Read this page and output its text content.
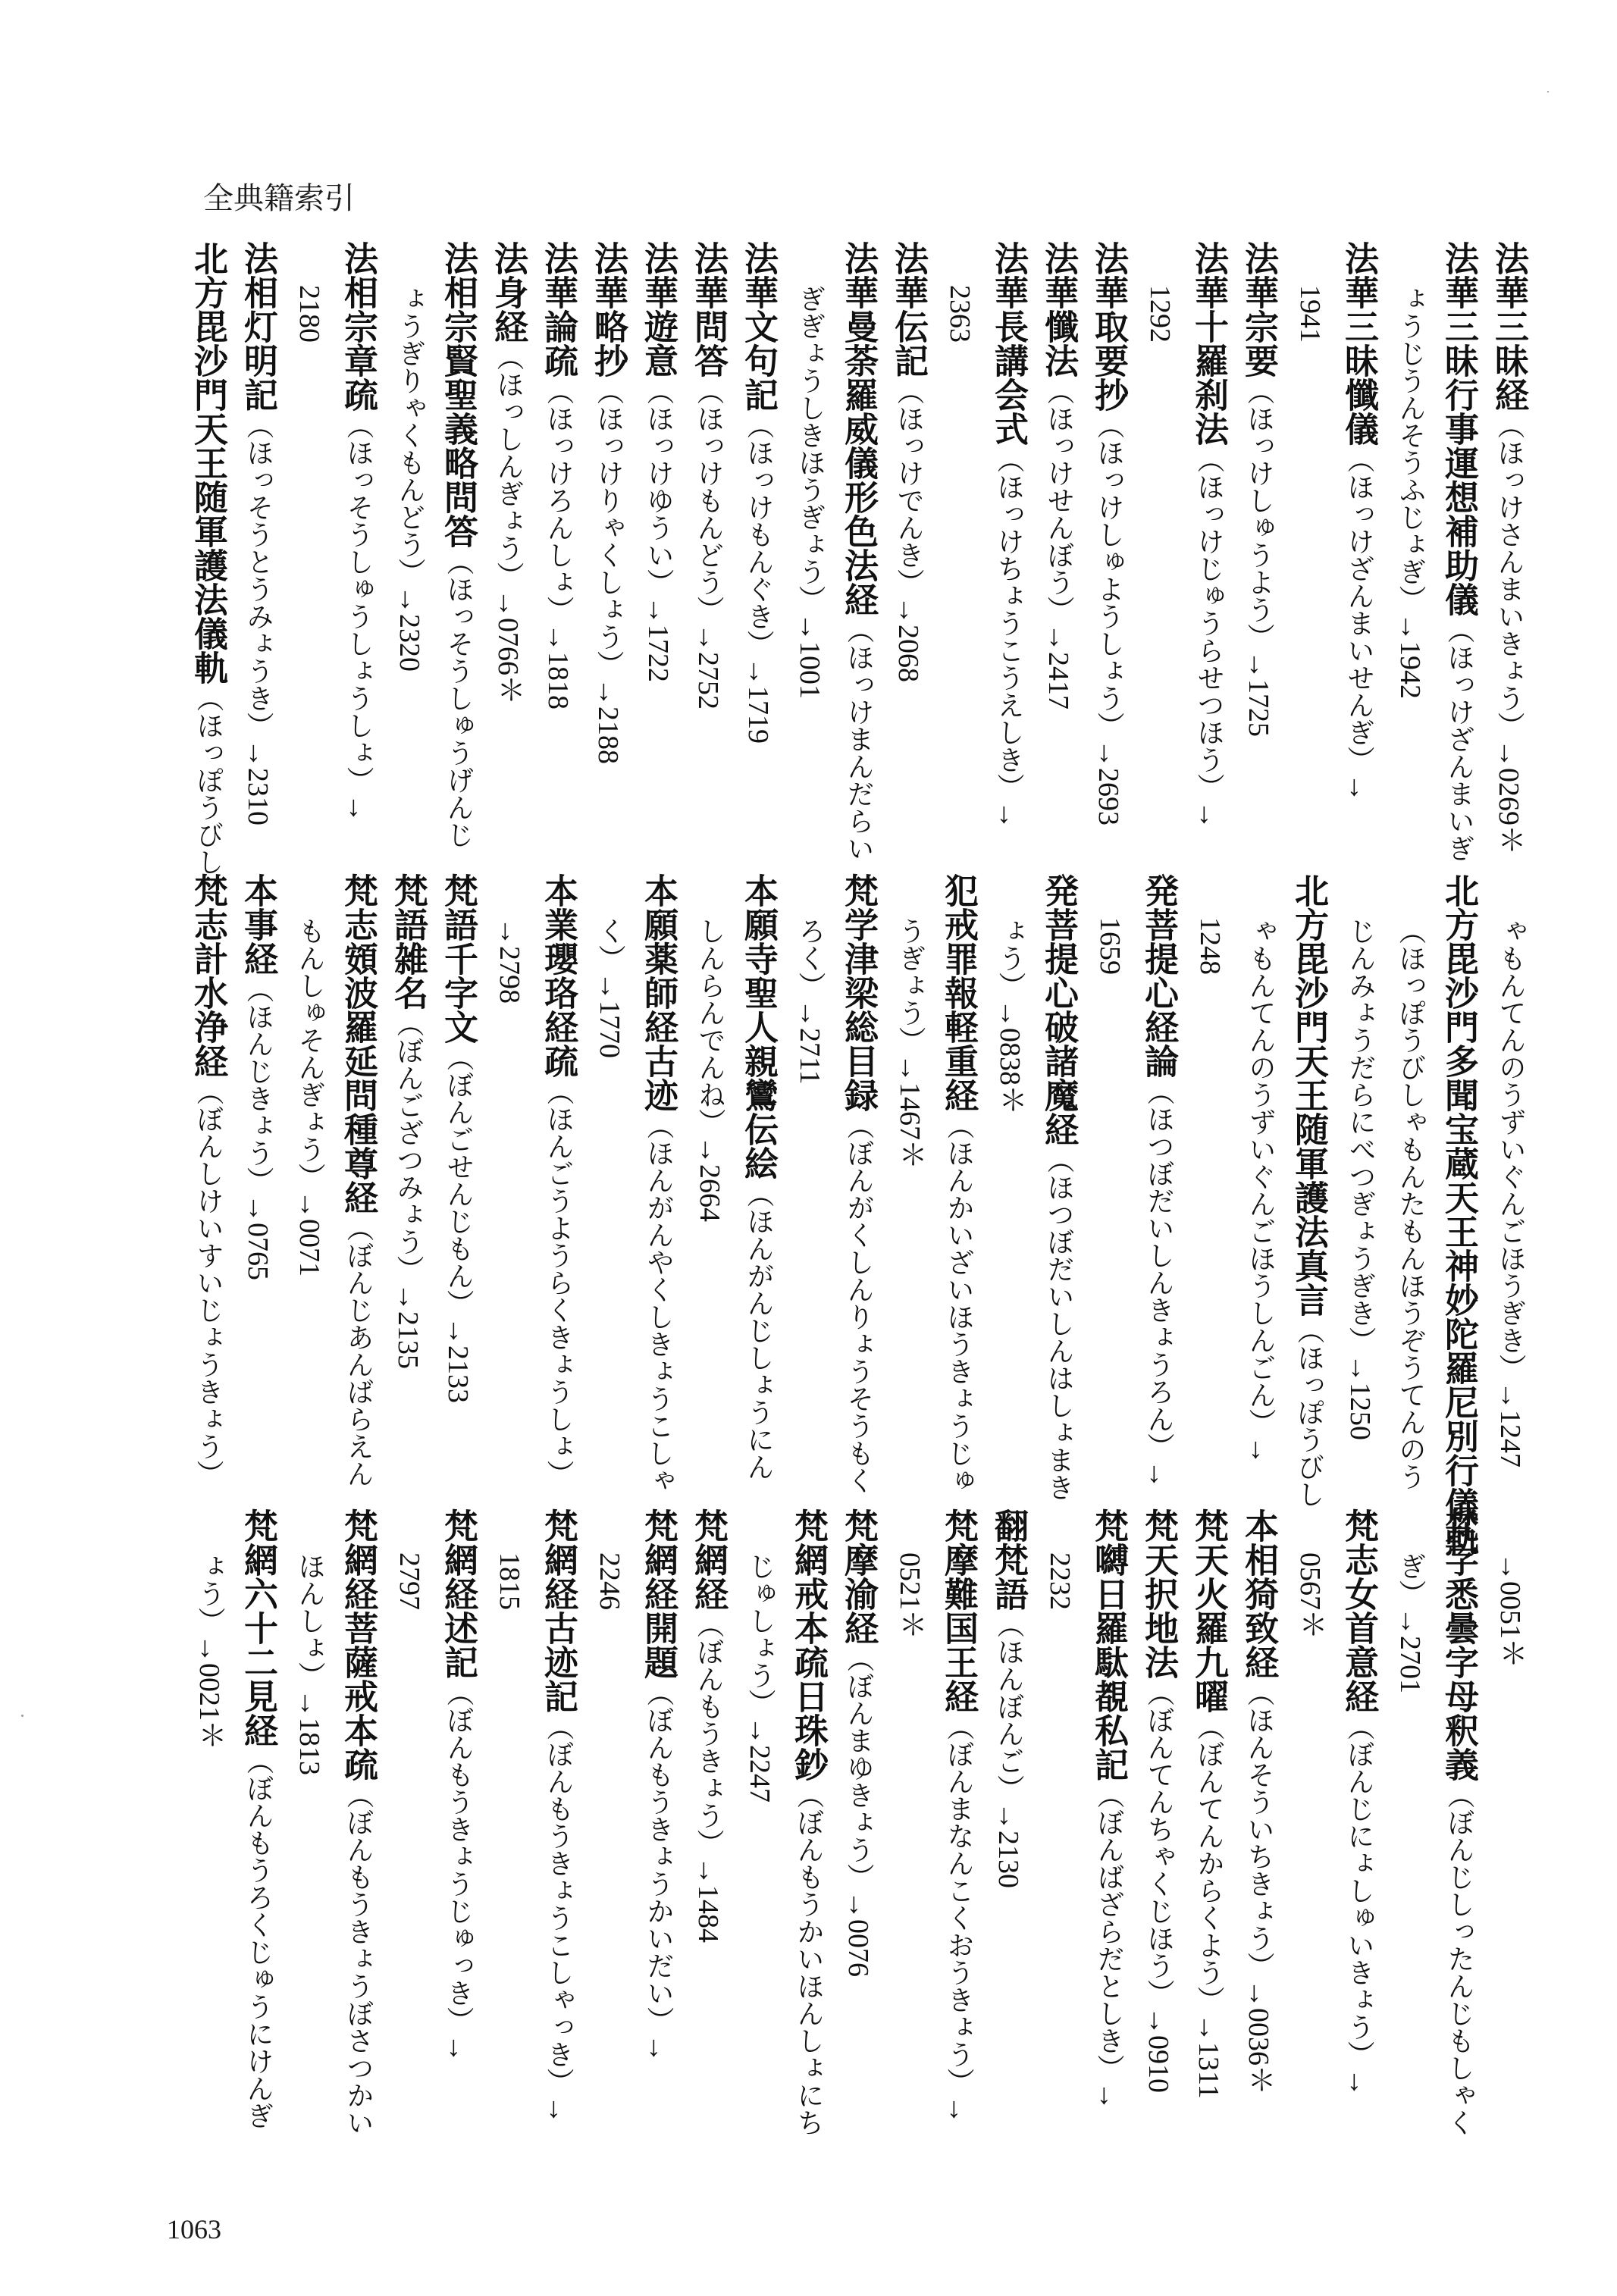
全典籍索引
法華三昧経（ほっけさんまいきょう）→0269＊
法華三昧行事運想補助儀（ほっけざんまいぎ
ょうじうんそうふじょぎ）→1942
法華三昧懺儀（ほっけざんまいせんぎ）→
1941
法華宗要（ほっけしゅうよう）→1725
法華十羅刹法（ほっけじゅうらせつほう）→
1292
法華取要抄（ほっけしゅようしょう）→2693
法華懺法（ほっけせんぼう）→2417
法華長講会式（ほっけちょうこうえしき）→
2363
法華伝記（ほっけでんき）→2068
法華曼荼羅威儀形色法経（ほっけまんだらい
ぎぎょうしきほうぎょう）→1001
法華文句記（ほっけもんぐき）→1719
法華問答（ほっけもんどう）→2752
法華遊意（ほっけゆうい）→1722
法華略抄（ほっけりゃくしょう）→2188
法華論疏（ほっけろんしょ）→1818
法身経（ほっしんぎょう）→0766＊
法相宗賢聖義略問答（ほっそうしゅうげんじ
ょうぎりゃくもんどう）→2320
法相宗章疏（ほっそうしゅうしょうしょ）→
2180
法相灯明記（ほっそうとうみょうき）→2310
北方毘沙門天王随軍護法儀軌（ほっぽうびし
ゃもんてんのうずいぐんごほうぎき）→1247
北方毘沙門多聞宝蔵天王神妙陀羅尼別行儀軌
（ほっぽうびしゃもんたもんほうぞうてんのう
じんみょうだらにべつぎょうぎき）→1250
北方毘沙門天王随軍護法真言（ほっぽうびし
ゃもんてんのうずいぐんごほうしんごん）→
1248
発菩提心経論（ほつぼだいしんきょうろん）→
1659
発菩提心破諸魔経（ほつぼだいしんはしょまき
ょう）→0838＊
犯戒罪報軽重経（ほんかいざいほうきょうじゅ
うぎょう）→1467＊
梵学津梁総目録（ぼんがくしんりょうそうもく
ろく）→2711
本願寺聖人親鸞伝絵（ほんがんじしょうにん
しんらんでんね）→2664
本願薬師経古迹（ほんがんやくしきょうこしゃ
く）→1770
本業瓔珞経疏（ほんごうようらくきょうしょ）
→2798
梵語千字文（ぼんごせんじもん）→2133
梵語雑名（ぼんござつみょう）→2135
梵志頞波羅延問種尊経（ぼんじあんばらえん
もんしゅそんぎょう）→0071
本事経（ほんじきょう）→0765
梵志計水浄経（ぼんしけいすいじょうきょう）
→0051＊
梵字悉曇字母釈義（ぼんじしったんじもしゃく
ぎ）→2701
梵志女首意経（ぼんじにょしゅいきょう）→
0567＊
本相猗致経（ほんそういちきょう）→0036＊
梵天火羅九曜（ぼんてんからくよう）→1311
梵天択地法（ぼんてんちゃくじほう）→0910
梵嚩日羅駄覩私記（ぼんばざらだとしき）→
2232
翻梵語（ほんぼんご）→2130
梵摩難国王経（ぼんまなんこくおうきょう）→
0521＊
梵摩渝経（ぼんまゆきょう）→0076
梵網戒本疏日珠鈔（ぼんもうかいほんしょにち
じゅしょう）→2247
梵網経（ぼんもうきょう）→1484
梵網経開題（ぼんもうきょうかいだい）→
2246
梵網経古迹記（ぼんもうきょうこしゃっき）→
1815
梵網経述記（ぼんもうきょうじゅっき）→
2797
梵網経菩薩戒本疏（ぼんもうきょうぼさつかい
ほんしょ）→1813
梵網六十二見経（ぼんもうろくじゅうにけんぎ
ょう）→0021＊
1063
